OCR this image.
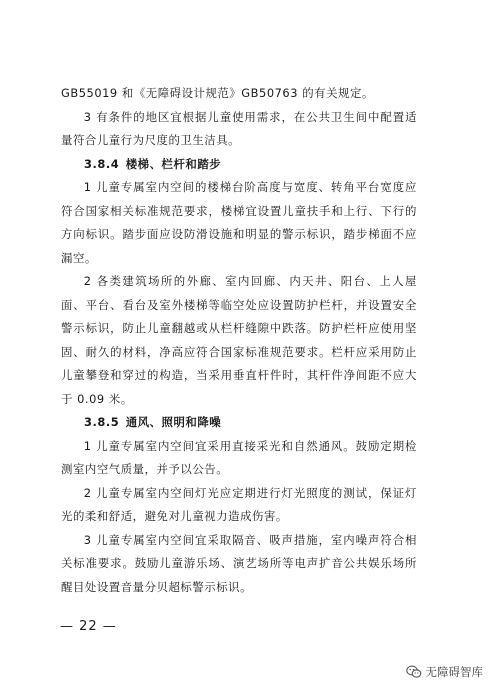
GB55019 和《无障碍设计规范》GB50763 的有关规定。

3 有条件的地区宜根据儿童使用需求，在公共卫生间中配置适量符合儿童行为尺度的卫生洁具。

3.8.4 楼梯、栏杆和踏步

1 儿童专属室内空间的楼梯台阶高度与宽度、转角平台宽度应符合国家相关标准规范要求，楼梯宜设置儿童扶手和上行、下行的方向标识。踏步面应设防滑设施和明显的警示标识，踏步梯面不应漏空。

2 各类建筑场所的外廊、室内回廊、内天井、阳台、上人屋面、平台、看台及室外楼梯等临空处应设置防护栏杆，并设置安全警示标识，防止儿童翻越或从栏杆缝隙中跌落。防护栏杆应使用坚固、耐久的材料，净高应符合国家标准规范要求。栏杆应采用防止儿童攀登和穿过的构造，当采用垂直杆件时，其杆件净间距不应大于 0.09 米。

3.8.5 通风、照明和降噪

1 儿童专属室内空间宜采用直接采光和自然通风。鼓励定期检测室内空气质量，并予以公告。

2 儿童专属室内空间灯光应定期进行灯光照度的测试，保证灯光的柔和舒适，避免对儿童视力造成伤害。

3 儿童专属室内空间宜采取隔音、吸声措施，室内噪声符合相关标准要求。鼓励儿童游乐场、演艺场所等电声扩音公共娱乐场所醒目处设置音量分贝超标警示标识。

— 22 —
无障碍智库
